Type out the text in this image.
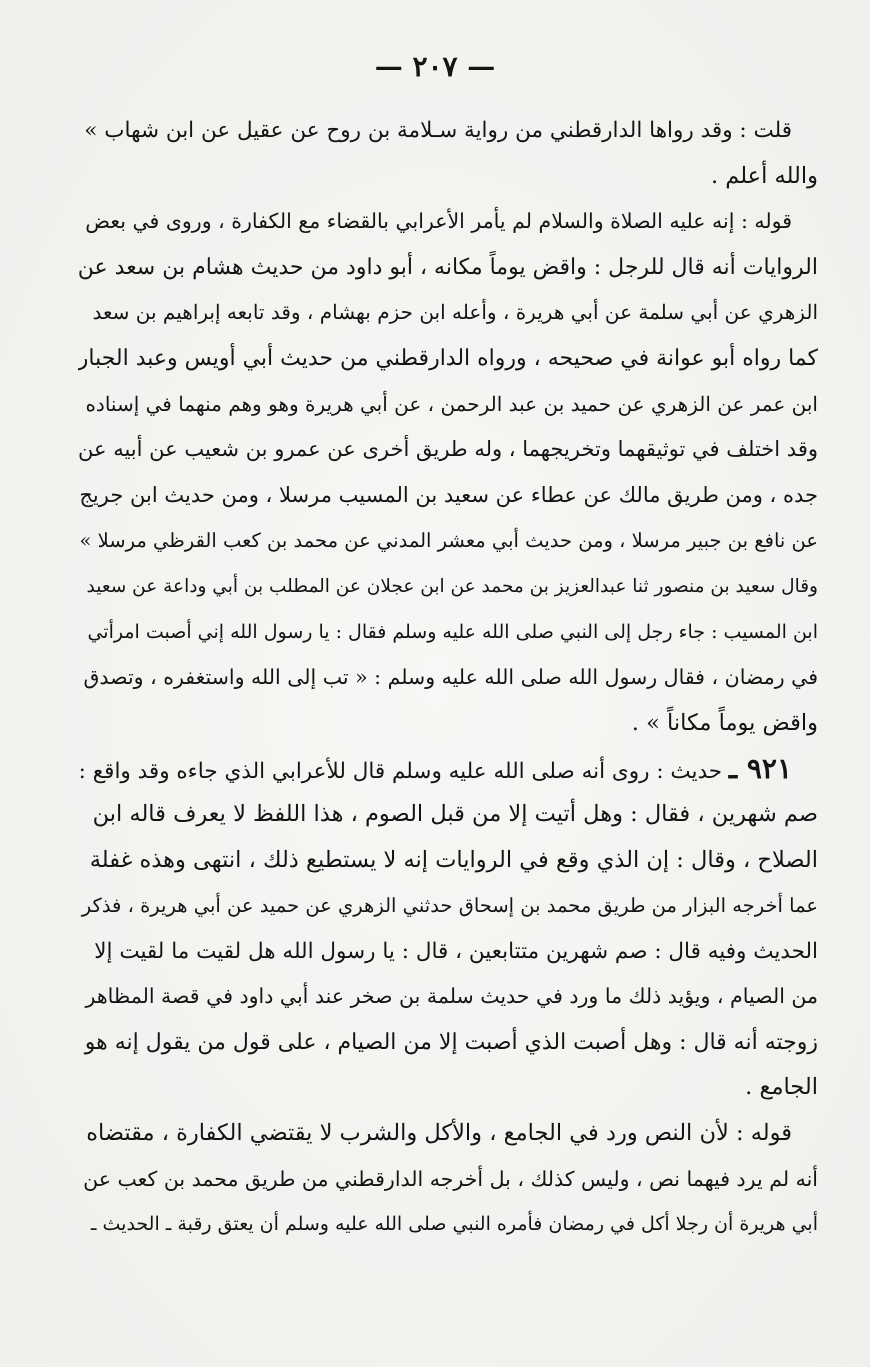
— ٢٠٧ —
قلت : وقد رواها الدارقطني من رواية سـلامة بن روح عن عقيل عن ابن شهاب »
والله أعلم .
قوله : إنه عليه الصلاة والسلام لم يأمر الأعرابي بالقضاء مع الكفارة ، وروى في بعض
الروايات أنه قال للرجل : واقض يوماً مكانه ، أبو داود من حديث هشام بن سعد عن
الزهري عن أبي سلمة عن أبي هريرة ، وأعله ابن حزم بهشام ، وقد تابعه إبراهيم بن سعد
كما رواه أبو عوانة في صحيحه ، ورواه الدارقطني من حديث أبي أويس وعبد الجبار
ابن عمر عن الزهري عن حميد بن عبد الرحمن ، عن أبي هريرة وهو وهم منهما في إسناده
وقد اختلف في توثيقهما وتخريجهما ، وله طريق أخرى عن عمرو بن شعيب عن أبيه عن
جده ، ومن طريق مالك عن عطاء عن سعيد بن المسيب مرسلا ، ومن حديث ابن جريج
عن نافع بن جبير مرسلا ، ومن حديث أبي معشر المدني عن محمد بن كعب القرظي مرسلا »
وقال سعيد بن منصور ثنا عبدالعزيز بن محمد عن ابن عجلان عن المطلب بن أبي وداعة عن سعيد
ابن المسيب : جاء رجل إلى النبي صلى الله عليه وسلم فقال : يا رسول الله إني أصبت امرأتي
في رمضان ، فقال رسول الله صلى الله عليه وسلم : « تب إلى الله واستغفره ، وتصدق
واقض يوماً مكاناً » .
٩٢١ ـ حديث : روى أنه صلى الله عليه وسلم قال للأعرابي الذي جاءه وقد واقع :
صم شهرين ، فقال : وهل أتيت إلا من قبل الصوم ، هذا اللفظ لا يعرف قاله ابن
الصلاح ، وقال : إن الذي وقع في الروايات إنه لا يستطيع ذلك ، انتهى وهذه غفلة
عما أخرجه البزار من طريق محمد بن إسحاق حدثني الزهري عن حميد عن أبي هريرة ، فذكر
الحديث وفيه قال : صم شهرين متتابعين ، قال : يا رسول الله هل لقيت ما لقيت إلا
من الصيام ، ويؤيد ذلك ما ورد في حديث سلمة بن صخر عند أبي داود في قصة المظاهر
زوجته أنه قال : وهل أصبت الذي أصبت إلا من الصيام ، على قول من يقول إنه هو
الجامع .
قوله : لأن النص ورد في الجامع ، والأكل والشرب لا يقتضي الكفارة ، مقتضاه
أنه لم يرد فيهما نص ، وليس كذلك ، بل أخرجه الدارقطني من طريق محمد بن كعب عن
أبي هريرة أن رجلا أكل في رمضان فأمره النبي صلى الله عليه وسلم أن يعتق رقبة ـ الحديث ـ
